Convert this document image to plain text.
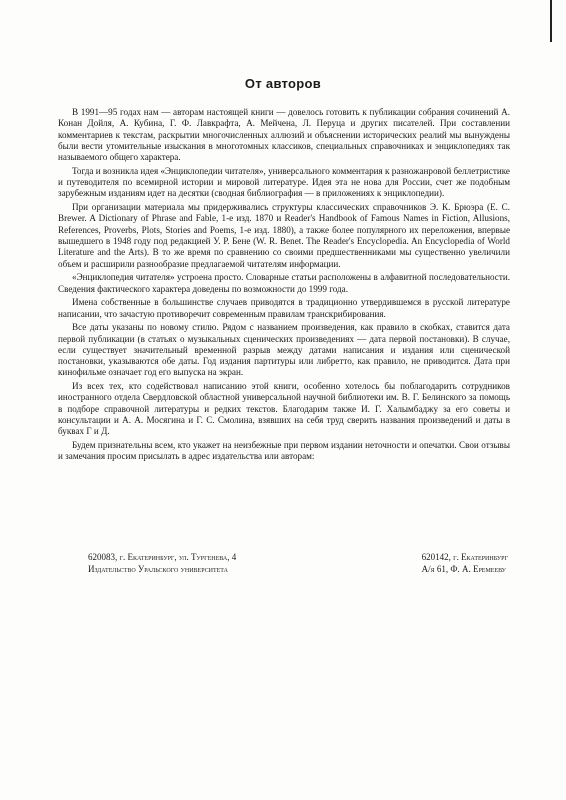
От авторов

В 1991—95 годах нам — авторам настоящей книги — довелось готовить к публикации собрания сочинений А. Конан Дойля, А. Кубина, Г. Ф. Лавкрафта, А. Мейчена, Л. Перуца и других писателей. При составлении комментариев к текстам, раскрытии многочисленных аллюзий и объяснении исторических реалий мы вынуждены были вести утомительные изыскания в многотомных классиков, специальных справочниках и энциклопедиях так называемого общего характера.

Тогда и возникла идея «Энциклопедии читателя», универсального комментария к разножанровой беллетристике и путеводителя по всемирной истории и мировой литературе. Идея эта не нова для России, счет же подобным зарубежным изданиям идет на десятки (сводная библиография — в приложениях к энциклопедии).

При организации материала мы придерживались структуры классических справочников Э. К. Брюэра (E. C. Brewer. A Dictionary of Phrase and Fable, 1-е изд. 1870 и Reader's Handbook of Famous Names in Fiction, Allusions, References, Proverbs, Plots, Stories and Poems, 1-е изд. 1880), а также более популярного их переложения, впервые вышедшего в 1948 году под редакцией У. Р. Бене (W. R. Benet. The Reader's Encyclopedia. An Encyclopedia of World Literature and the Arts). В то же время по сравнению со своими предшественниками мы существенно увеличили объем и расширили разнообразие предлагаемой читателям информации.

«Энциклопедия читателя» устроена просто. Словарные статьи расположены в алфавитной последовательности. Сведения фактического характера доведены по возможности до 1999 года.

Имена собственные в большинстве случаев приводятся в традиционно утвердившемся в русской литературе написании, что зачастую противоречит современным правилам транскрибирования.

Все даты указаны по новому стилю. Рядом с названием произведения, как правило в скобках, ставится дата первой публикации (в статьях о музыкальных сценических произведениях — дата первой постановки). В случае, если существует значительный временной разрыв между датами написания и издания или сценической постановки, указываются обе даты. Год издания партитуры или либретто, как правило, не приводится. Дата при кинофильме означает год его выпуска на экран.

Из всех тех, кто содействовал написанию этой книги, особенно хотелось бы поблагодарить сотрудников иностранного отдела Свердловской областной универсальной научной библиотеки им. В. Г. Белинского за помощь в подборе справочной литературы и редких текстов. Благодарим также И. Г. Халымбаджу за его советы и консультации и А. А. Мосягина и Г. С. Смолина, взявших на себя труд сверить названия произведений и даты в буквах Г и Д.

Будем признательны всем, кто укажет на неизбежные при первом издании неточности и опечатки. Свои отзывы и замечания просим присылать в адрес издательства или авторам:

620083, г. Екатеринбург, ул. Тургенева, 4
Издательство Уральского университета
620142, г. Екатеринбург
А/я 61, Ф. А. Еремееву
